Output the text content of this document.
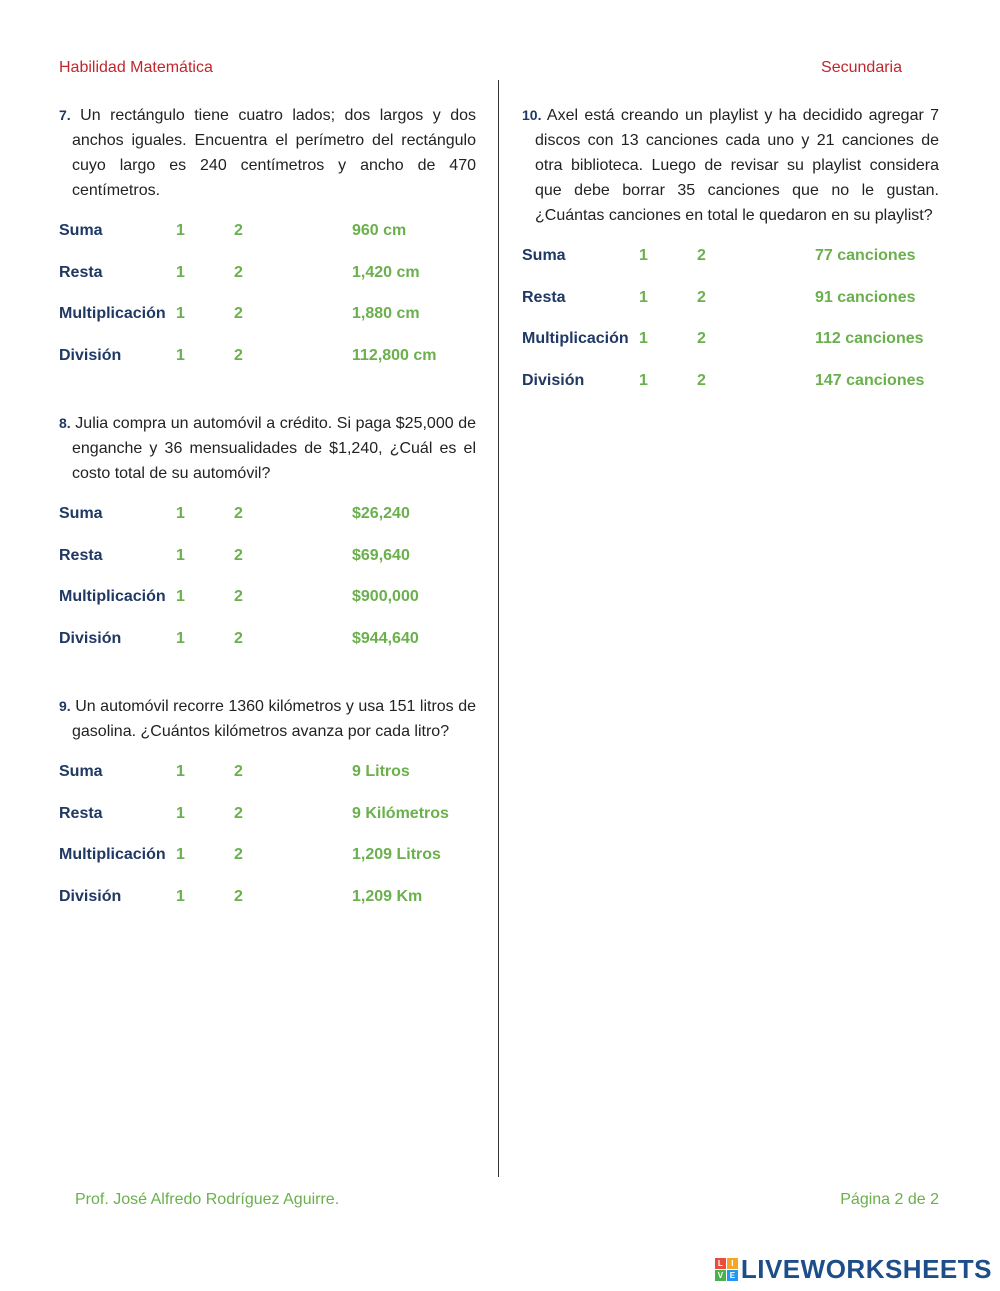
Habilidad Matemática	Secundaria
7. Un rectángulo tiene cuatro lados; dos largos y dos anchos iguales. Encuentra el perímetro del rectángulo cuyo largo es 240 centímetros y ancho de 470 centímetros.
Suma	1	2	960 cm
Resta	1	2	1,420 cm
Multiplicación 1	2	1,880 cm
División	1	2	112,800 cm
8. Julia compra un automóvil a crédito. Si paga $25,000 de enganche y 36 mensualidades de $1,240, ¿Cuál es el costo total de su automóvil?
Suma	1	2	$26,240
Resta	1	2	$69,640
Multiplicación 1	2	$900,000
División	1	2	$944,640
9. Un automóvil recorre 1360 kilómetros y usa 151 litros de gasolina. ¿Cuántos kilómetros avanza por cada litro?
Suma	1	2	9 Litros
Resta	1	2	9 Kilómetros
Multiplicación 1	2	1,209 Litros
División	1	2	1,209 Km
10. Axel está creando un playlist y ha decidido agregar 7 discos con 13 canciones cada uno y 21 canciones de otra biblioteca. Luego de revisar su playlist considera que debe borrar 35 canciones que no le gustan. ¿Cuántas canciones en total le quedaron en su playlist?
Suma	1	2	77 canciones
Resta	1	2	91 canciones
Multiplicación 1	2	112 canciones
División	1	2	147 canciones
Prof. José Alfredo Rodríguez Aguirre.	Página 2 de 2
L	I
V E LIVEWORKSHEETS
